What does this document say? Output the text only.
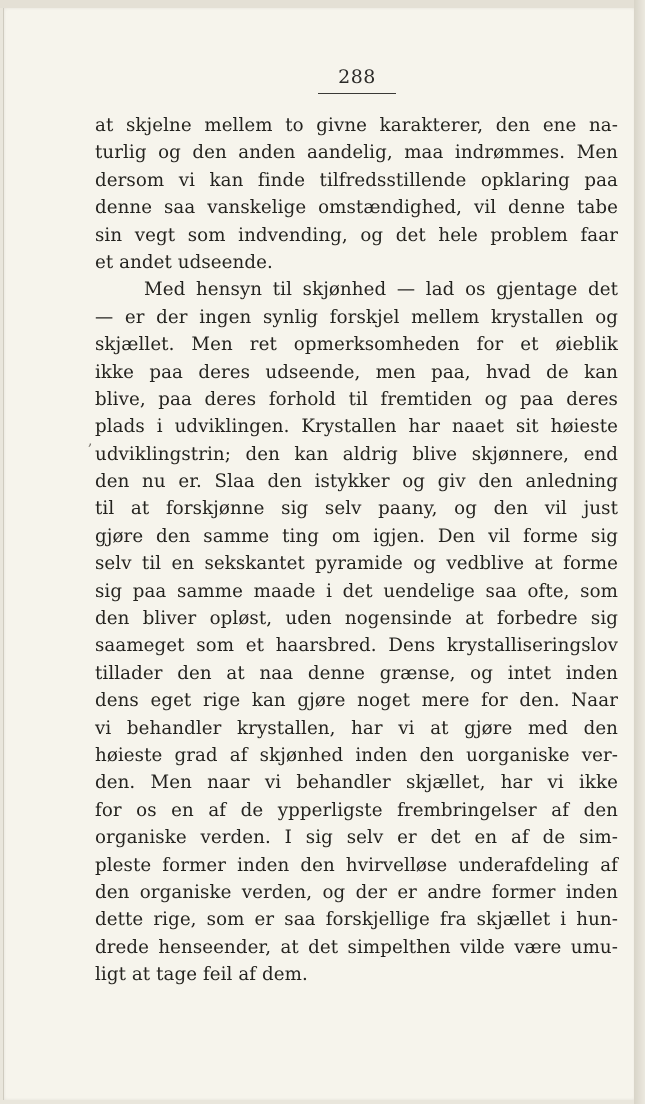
288
,
at skjelne mellem to givne karakterer, den ene na-
turlig og den anden aandelig, maa indrømmes. Men
dersom vi kan finde tilfredsstillende opklaring paa
denne saa vanskelige omstændighed, vil denne tabe
sin vegt som indvending, og det hele problem faar
et andet udseende.
Med hensyn til skjønhed — lad os gjentage det
— er der ingen synlig forskjel mellem krystallen og
skjællet. Men ret opmerksomheden for et øieblik
ikke paa deres udseende, men paa, hvad de kan
blive, paa deres forhold til fremtiden og paa deres
plads i udviklingen. Krystallen har naaet sit høieste
udviklingstrin; den kan aldrig blive skjønnere, end
den nu er. Slaa den istykker og giv den anledning
til at forskjønne sig selv paany, og den vil just
gjøre den samme ting om igjen. Den vil forme sig
selv til en sekskantet pyramide og vedblive at forme
sig paa samme maade i det uendelige saa ofte, som
den bliver opløst, uden nogensinde at forbedre sig
saameget som et haarsbred. Dens krystalliseringslov
tillader den at naa denne grænse, og intet inden
dens eget rige kan gjøre noget mere for den. Naar
vi behandler krystallen, har vi at gjøre med den
høieste grad af skjønhed inden den uorganiske ver-
den. Men naar vi behandler skjællet, har vi ikke
for os en af de ypperligste frembringelser af den
organiske verden. I sig selv er det en af de sim-
pleste former inden den hvirvelløse underafdeling af
den organiske verden, og der er andre former inden
dette rige, som er saa forskjellige fra skjællet i hun-
drede henseender, at det simpelthen vilde være umu-
ligt at tage feil af dem.
